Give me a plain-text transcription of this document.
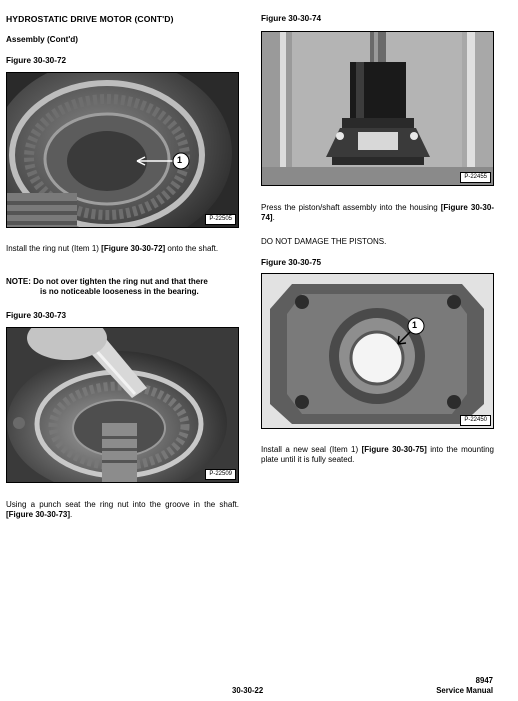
HYDROSTATIC DRIVE MOTOR (CONT'D)
Assembly (Cont'd)
Figure 30-30-72
1
P-22505
Install the ring nut (Item 1) [Figure 30-30-72] onto the shaft.
NOTE: Do not over tighten the ring nut and that there
is no noticeable looseness in the bearing.
Figure 30-30-73
P-22509
Using a punch seat the ring nut into the groove in the shaft. [Figure 30-30-73].
Figure 30-30-74
P-22455
Press the piston/shaft assembly into the housing [Figure 30-30-74].
DO NOT DAMAGE THE PISTONS.
Figure 30-30-75
1
P-22450
Install a new seal (Item 1) [Figure 30-30-75] into the mounting plate until it is fully seated.
30-30-22
8947
Service Manual
